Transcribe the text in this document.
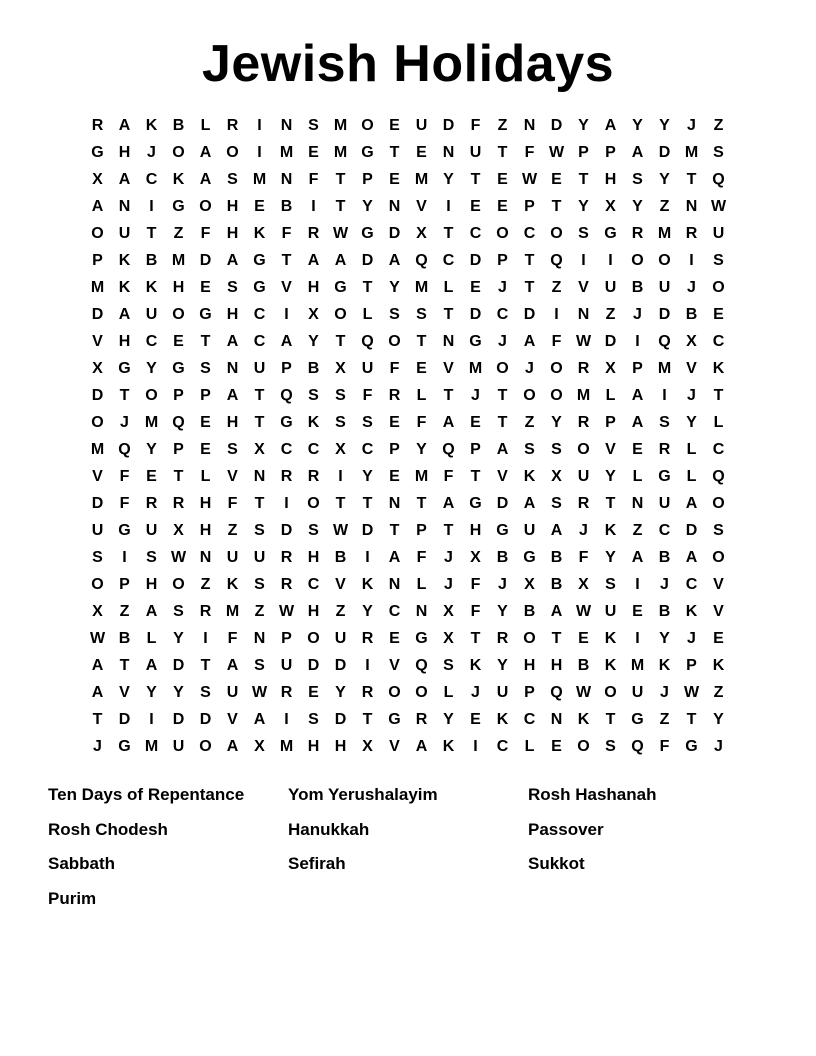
Jewish Holidays
R A K B	L	R	I	N S M O E U D	F	Z	N D Y A Y	Y	J	Z
G H	J	O A O	I	M E M G T	E N U	T	F W P	P A D M S
X A C K A S M N	F	T	P	E M Y	T	E W E	T	H S	Y	T Q
A N	I	G O H E B	I	T	Y N V	I	E	E	P	T	Y	X	Y	Z	N W
O U	T	Z	F	H K	F	R W G D X	T	C O C O S G R M R U
P K B M D A G T	A A D A Q C D P	T Q	I	I	O O	I	S
M K K H E	S G V H G T	Y M L	E	J	T	Z	V U B U	J	O
D A U O G H C	I	X O L	S	S	T	D C D	I	N	Z	J	D B E
V H C E	T	A C A Y	T Q O T	N G	J	A	F W D	I	Q X C
X G Y G S N U P B X U	F	E	V M O	J	O R X	P M V K
D	T O P	P A	T Q S	S	F	R	L	T	J	T O O M L	A	I	J	T
O	J M Q E H	T G K S	S	E	F	A E	T	Z	Y R P A S	Y	L
M Q Y	P	E	S	X C C X C P	Y Q P A S	S O V	E R	L	C
V	F	E	T	L	V N R R	I	Y	E M F	T	V K X U Y	L G L Q
D	F	R R H	F	T	I	O T	T	N	T	A G D A S R	T	N U A O
U G U X H	Z	S D S W D	T	P	T	H G U A	J	K	Z	C D S
S	I	S W N U U R H B	I	A	F	J	X B G B	F	Y A B A O
O P H O Z	K S R C V K N	L	J	F	J	X B X	S	I	J	C V
X	Z	A S R M Z W H	Z	Y C N X	F	Y B A W U E B K V
W B	L	Y	I	F	N P O U R E G X	T	R O T	E K	I	Y	J	E
A	T	A D	T	A S U D D	I	V Q S K Y H H B K M K P K
A V	Y	Y	S U W R E	Y R O O L	J	U P Q W O U	J W Z
T	D	I	D D V A	I	S D	T G R Y	E K C N K	T G Z	T	Y
J	G M U O A X M H H X	V A K	I	C	L	E O S Q F G	J
Ten Days of Repentance	Yom Yerushalayim	Rosh Hashanah
Rosh Chodesh	Hanukkah	Passover
Sabbath	Sefirah	Sukkot
Purim
